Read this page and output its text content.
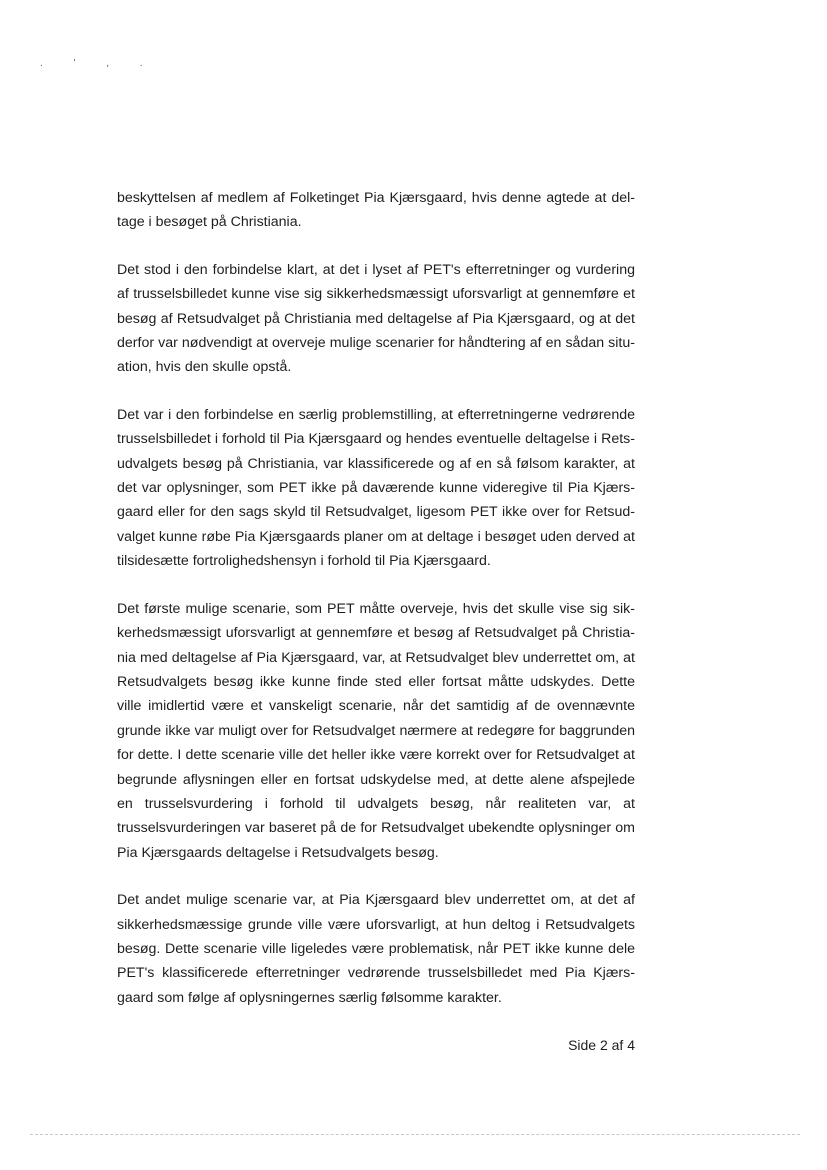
. ' , .

beskyttelsen af medlem af Folketinget Pia Kjærsgaard, hvis denne agtede at deltage i besøget på Christiania.

Det stod i den forbindelse klart, at det i lyset af PET's efterretninger og vurdering af trusselsbilledet kunne vise sig sikkerhedsmæssigt uforsvarligt at gennemføre et besøg af Retsudvalget på Christiania med deltagelse af Pia Kjærsgaard, og at det derfor var nødvendigt at overveje mulige scenarier for håndtering af en sådan situation, hvis den skulle opstå.

Det var i den forbindelse en særlig problemstilling, at efterretningerne vedrørende trusselsbilledet i forhold til Pia Kjærsgaard og hendes eventuelle deltagelse i Retsudvalgets besøg på Christiania, var klassificerede og af en så følsom karakter, at det var oplysninger, som PET ikke på daværende kunne videregive til Pia Kjærsgaard eller for den sags skyld til Retsudvalget, ligesom PET ikke over for Retsudvalget kunne røbe Pia Kjærsgaards planer om at deltage i besøget uden derved at tilsidesætte fortrolighedshensyn i forhold til Pia Kjærsgaard.

Det første mulige scenarie, som PET måtte overveje, hvis det skulle vise sig sikkerhedsmæssigt uforsvarligt at gennemføre et besøg af Retsudvalget på Christiania med deltagelse af Pia Kjærsgaard, var, at Retsudvalget blev underrettet om, at Retsudvalgets besøg ikke kunne finde sted eller fortsat måtte udskydes. Dette ville imidlertid være et vanskeligt scenarie, når det samtidig af de ovennævnte grunde ikke var muligt over for Retsudvalget nærmere at redegøre for baggrunden for dette. I dette scenarie ville det heller ikke være korrekt over for Retsudvalget at begrunde aflysningen eller en fortsat udskydelse med, at dette alene afspejlede en trusselsvurdering i forhold til udvalgets besøg, når realiteten var, at trusselsvurderingen var baseret på de for Retsudvalget ubekendte oplysninger om Pia Kjærsgaards deltagelse i Retsudvalgets besøg.

Det andet mulige scenarie var, at Pia Kjærsgaard blev underrettet om, at det af sikkerhedsmæssige grunde ville være uforsvarligt, at hun deltog i Retsudvalgets besøg. Dette scenarie ville ligeledes være problematisk, når PET ikke kunne dele PET's klassificerede efterretninger vedrørende trusselsbilledet med Pia Kjærsgaard som følge af oplysningernes særlig følsomme karakter.

Side 2 af 4
